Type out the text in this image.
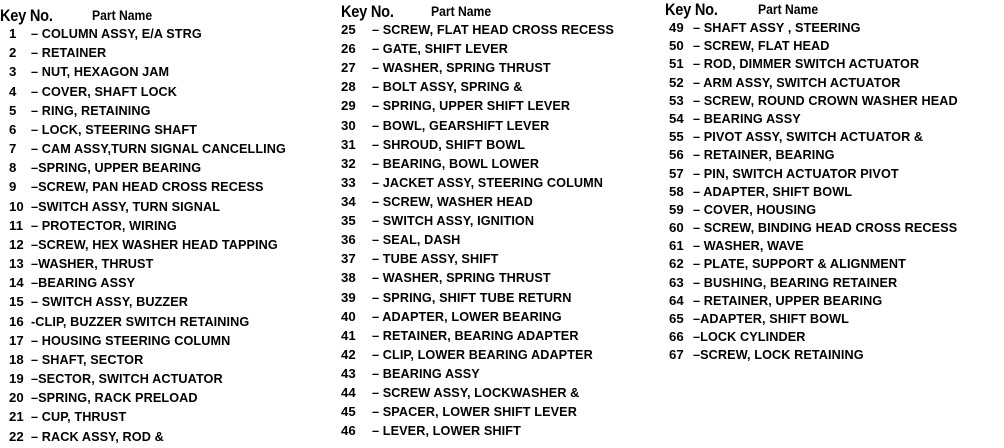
Key No.	Part Name
1	– COLUMN ASSY, E/A STRG
2	– RETAINER
3	– NUT, HEXAGON JAM
4	– COVER, SHAFT LOCK
5	– RING, RETAINING
6	– LOCK, STEERING SHAFT
7	– CAM ASSY,TURN SIGNAL CANCELLING
8	–SPRING, UPPER BEARING
9	–SCREW, PAN HEAD CROSS RECESS
10 –SWITCH ASSY, TURN SIGNAL
11 – PROTECTOR, WIRING
12 –SCREW, HEX WASHER HEAD TAPPING
13 –WASHER, THRUST
14 –BEARING ASSY
15 – SWITCH ASSY, BUZZER
16 -CLIP, BUZZER SWITCH RETAINING
17 – HOUSING STEERING COLUMN
18 – SHAFT, SECTOR
19 –SECTOR, SWITCH ACTUATOR
20 –SPRING, RACK PRELOAD
21 – CUP, THRUST
22 – RACK ASSY, ROD &
Key No.	Part Name
25	– SCREW, FLAT HEAD CROSS RECESS
26	– GATE, SHIFT LEVER
27	– WASHER, SPRING THRUST
28	– BOLT ASSY, SPRING &
29	– SPRING, UPPER SHIFT LEVER
30	– BOWL, GEARSHIFT LEVER
31	– SHROUD, SHIFT BOWL
32	– BEARING, BOWL LOWER
33	– JACKET ASSY, STEERING COLUMN
34	– SCREW, WASHER HEAD
35	– SWITCH ASSY, IGNITION
36	– SEAL, DASH
37	– TUBE ASSY, SHIFT
38	– WASHER, SPRING THRUST
39	– SPRING, SHIFT TUBE RETURN
40	– ADAPTER, LOWER BEARING
41	– RETAINER, BEARING ADAPTER
42	– CLIP, LOWER BEARING ADAPTER
43	– BEARING ASSY
44	– SCREW ASSY, LOCKWASHER &
45	– SPACER, LOWER SHIFT LEVER
46	– LEVER, LOWER SHIFT
Key No.	Part Name
49 – SHAFT ASSY , STEERING
50 – SCREW, FLAT HEAD
51 – ROD, DIMMER SWITCH ACTUATOR
52 – ARM ASSY, SWITCH ACTUATOR
53 – SCREW, ROUND CROWN WASHER HEAD
54 – BEARING ASSY
55 – PIVOT ASSY, SWITCH ACTUATOR &
56 – RETAINER, BEARING
57 – PIN, SWITCH ACTUATOR PIVOT
58 – ADAPTER, SHIFT BOWL
59 – COVER, HOUSING
60 – SCREW, BINDING HEAD CROSS RECESS
61 – WASHER, WAVE
62 – PLATE, SUPPORT & ALIGNMENT
63 – BUSHING, BEARING RETAINER
64 – RETAINER, UPPER BEARING
65 –ADAPTER, SHIFT BOWL
66 –LOCK CYLINDER
67 –SCREW, LOCK RETAINING
